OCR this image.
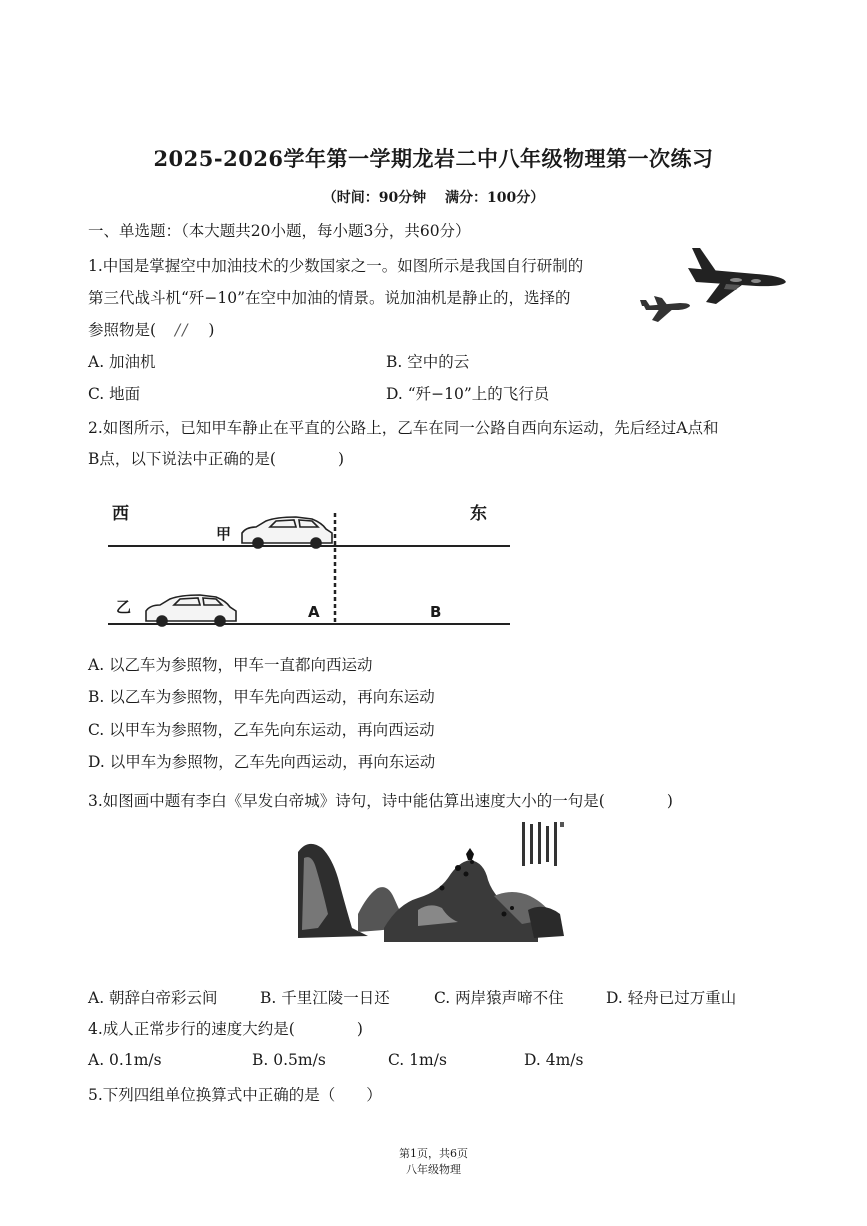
2025-2026学年第一学期龙岩二中八年级物理第一次练习
（时间：90分钟　 满分：100分）
一、单选题：（本大题共20小题，每小题3分，共60分）
1.中国是掌握空中加油技术的少数国家之一。如图所示是我国自行研制的
第三代战斗机“歼−10”在空中加油的情景。说加油机是静止的，选择的
参照物是( // )
A. 加油机	B. 空中的云
C. 地面	D. “歼−10”上的飞行员
2.如图所示，已知甲车静止在平直的公路上，乙车在同一公路自西向东运动，先后经过A点和
B点，以下说法中正确的是(　　　　)
西	东
甲
乙	A	B
A. 以乙车为参照物，甲车一直都向西运动
B. 以乙车为参照物，甲车先向西运动，再向东运动
C. 以甲车为参照物，乙车先向东运动，再向西运动
D. 以甲车为参照物，乙车先向西运动，再向东运动
3.如图画中题有李白《早发白帝城》诗句，诗中能估算出速度大小的一句是(　　　　)
A. 朝辞白帝彩云间	B. 千里江陵一日还	C. 两岸猿声啼不住	D. 轻舟已过万重山
4.成人正常步行的速度大约是(　　　　)
A. 0.1m/s	B. 0.5m/s	C. 1m/s	D. 4m/s
5.下列四组单位换算式中正确的是（　　）
第1页，共6页
八年级物理
